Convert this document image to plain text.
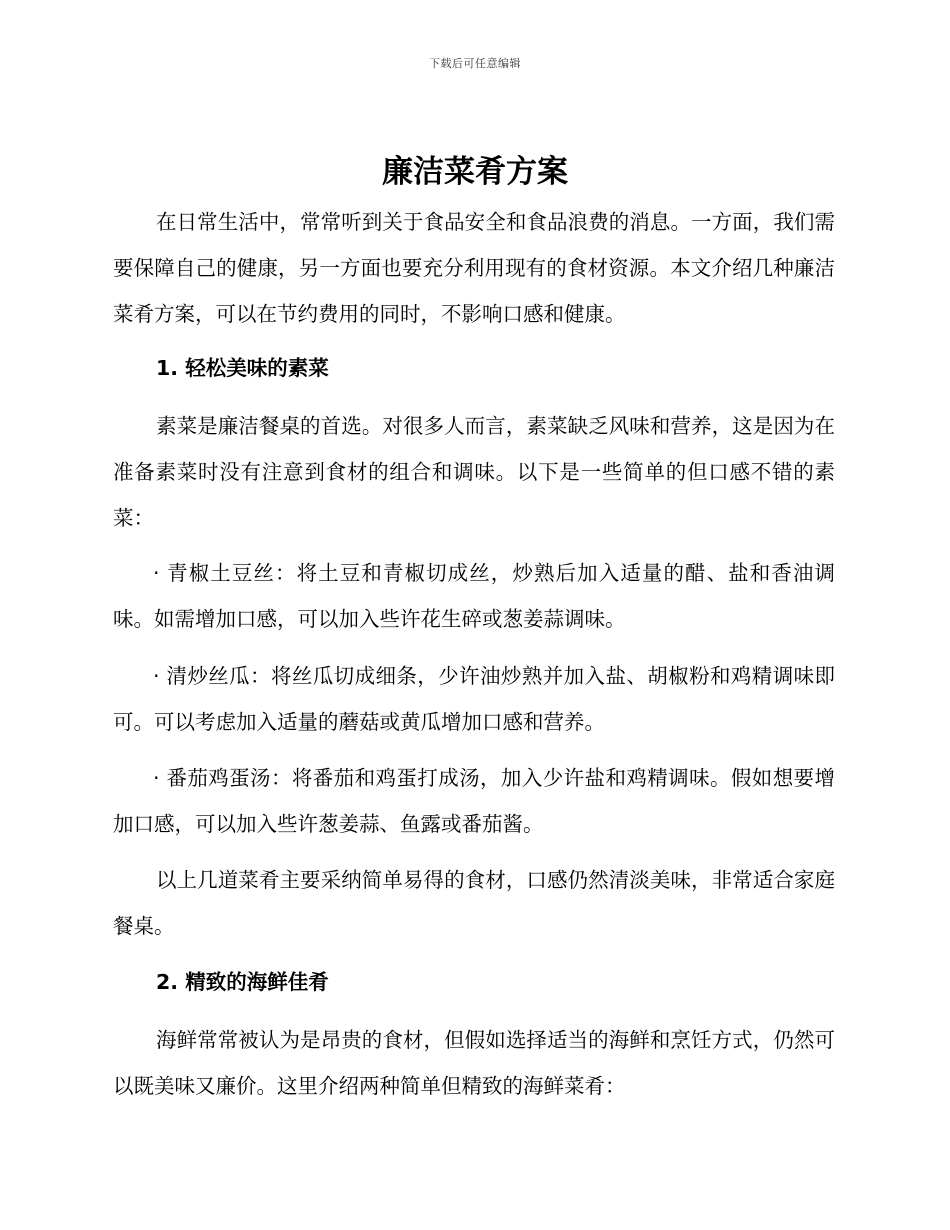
下载后可任意编辑
廉洁菜肴方案

在日常生活中，常常听到关于食品安全和食品浪费的消息。一方面，我们需要保障自己的健康，另一方面也要充分利用现有的食材资源。本文介绍几种廉洁菜肴方案，可以在节约费用的同时，不影响口感和健康。

1. 轻松美味的素菜

素菜是廉洁餐桌的首选。对很多人而言，素菜缺乏风味和营养，这是因为在准备素菜时没有注意到食材的组合和调味。以下是一些简单的但口感不错的素菜：

· 青椒土豆丝：将土豆和青椒切成丝，炒熟后加入适量的醋、盐和香油调味。如需增加口感，可以加入些许花生碎或葱姜蒜调味。

· 清炒丝瓜：将丝瓜切成细条，少许油炒熟并加入盐、胡椒粉和鸡精调味即可。可以考虑加入适量的蘑菇或黄瓜增加口感和营养。

· 番茄鸡蛋汤：将番茄和鸡蛋打成汤，加入少许盐和鸡精调味。假如想要增加口感，可以加入些许葱姜蒜、鱼露或番茄酱。

以上几道菜肴主要采纳简单易得的食材，口感仍然清淡美味，非常适合家庭餐桌。

2. 精致的海鲜佳肴

海鲜常常被认为是昂贵的食材，但假如选择适当的海鲜和烹饪方式，仍然可以既美味又廉价。这里介绍两种简单但精致的海鲜菜肴：
